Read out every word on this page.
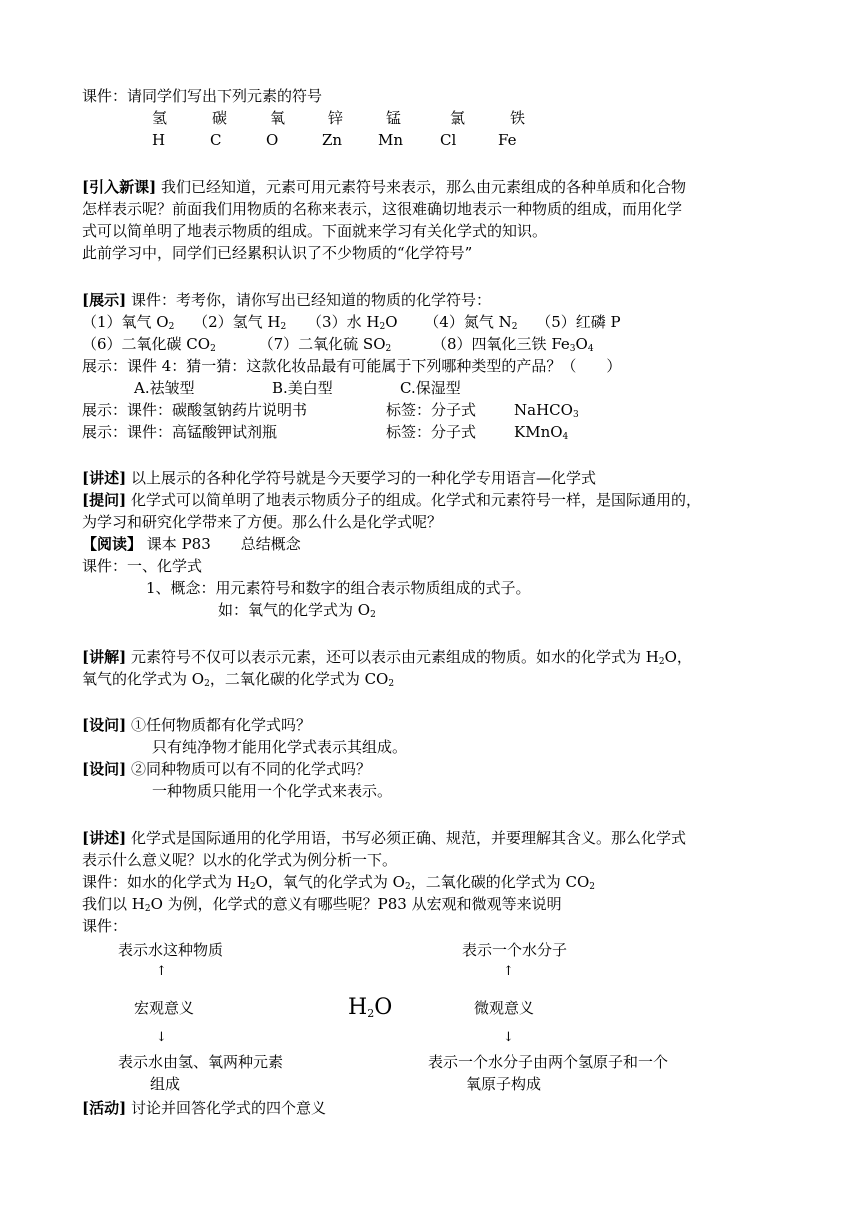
课件：请同学们写出下列元素的符号
氢	碳	氧	锌	锰	氯	铁
H	C	O	Zn Mn Cl	Fe
[引入新课] 我们已经知道，元素可用元素符号来表示，那么由元素组成的各种单质和化合物
怎样表示呢？前面我们用物质的名称来表示，这很难确切地表示一种物质的组成，而用化学
式可以简单明了地表示物质的组成。下面就来学习有关化学式的知识。
此前学习中，同学们已经累积认识了不少物质的“化学符号”
[展示] 课件：考考你，请你写出已经知道的物质的化学符号：
（1）氧气 $O_2$ （2）氢气 $H_2$ （3）水 $H_2O$ （4）氮气 $N_2$ （5）红磷 P
（6）二氧化碳 $CO_2$	（7）二氧化硫 $SO_2$	（8）四氧化三铁 $Fe_3O_4$
展示：课件 4：猜一猜：这款化妆品最有可能属于下列哪种类型的产品？（　　）
A.祛皱型	B.美白型	C.保湿型
展示：课件：碳酸氢钠药片说明书	标签：分子式	NaHCO$_3$
展示：课件：高锰酸钾试剂瓶	标签：分子式	KMnO$_4$
[讲述] 以上展示的各种化学符号就是今天要学习的一种化学专用语言—化学式
[提问] 化学式可以简单明了地表示物质分子的组成。化学式和元素符号一样，是国际通用的，
为学习和研究化学带来了方便。那么什么是化学式呢？
【阅读】 课本 P83　　总结概念
课件：一、化学式
1、概念：用元素符号和数字的组合表示物质组成的式子。
如：氧气的化学式为 $O_2$
[讲解] 元素符号不仅可以表示元素，还可以表示由元素组成的物质。如水的化学式为 $H_2O$，
氧气的化学式为 $O_2$，二氧化碳的化学式为 $CO_2$
[设问] ①任何物质都有化学式吗？
只有纯净物才能用化学式表示其组成。
[设问] ②同种物质可以有不同的化学式吗？
一种物质只能用一个化学式来表示。
[讲述] 化学式是国际通用的化学用语，书写必须正确、规范，并要理解其含义。那么化学式
表示什么意义呢？以水的化学式为例分析一下。
课件：如水的化学式为 $H_2O$，氧气的化学式为 $O_2$，二氧化碳的化学式为 $CO_2$
我们以 $H_2O$ 为例，化学式的意义有哪些呢？P83 从宏观和微观等来说明
课件：
表示水这种物质	表示一个水分子
↑	↑
宏观意义	$H_2O$	微观意义
↓	↓
表示水由氢、氧两种元素
组成
表示一个水分子由两个氢原子和一个
氧原子构成
[活动] 讨论并回答化学式的四个意义
